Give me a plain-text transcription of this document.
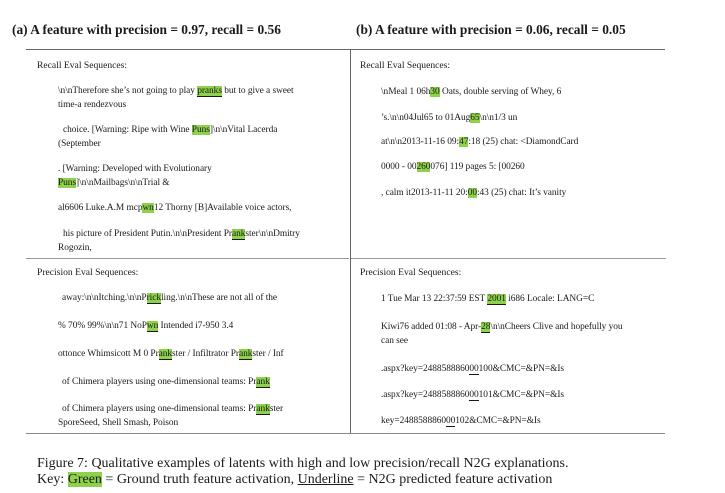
(a) A feature with precision = 0.97, recall = 0.56	(b) A feature with precision = 0.06, recall = 0.05
Recall Eval Sequences:
Precision Eval Sequences:
Recall Eval Sequences:
Precision Eval Sequences:
\n\nTherefore she’s not going to play pranks but to give a sweet
time-a rendezvous
choice. [Warning: Ripe with Wine Puns]\n\nVital Lacerda
(September
. [Warning: Developed with Evolutionary
Puns]\n\nMailbags\n\nTrial &
al6606 Luke.A.M mcpwn12 Thorny [B]Available voice actors,
his picture of President Putin.\n\nPresident Prankster\n\nDmitry
Rogozin,
away:\n\nItching.\n\nPrickling.\n\nThese are not all of the
% 70% 99%\n\n71 NoPwn Intended i7-950 3.4
ottonce Whimsicott M 0 Prankster / Infiltrator Prankster / Inf
of Chimera players using one-dimensional teams: Prank
of Chimera players using one-dimensional teams: Prankster
SporeSeed, Shell Smash, Poison
\nMeal 1 06h30 Oats, double serving of Whey, 6
’s.\n\n04Jul65 to 01Aug65\n\n1/3 un
at\n\n2013-11-16 09:47:18 (25) chat: <DiamondCard
0000 - 00260076] 119 pages 5: [00260
, calm it2013-11-11 20:00:43 (25) chat: It’s vanity
1 Tue Mar 13 22:37:59 EST 2001 i686 Locale: LANG=C
Kiwi76 added 01:08 - Apr-28\n\nCheers Clive and hopefully you
can see
.aspx?key=248858886000100&CMC=&PN=&Is
.aspx?key=248858886000101&CMC=&PN=&Is
key=248858886000102&CMC=&PN=&Is
Figure 7: Qualitative examples of latents with high and low precision/recall N2G explanations.
Key: Green = Ground truth feature activation, Underline = N2G predicted feature activation
